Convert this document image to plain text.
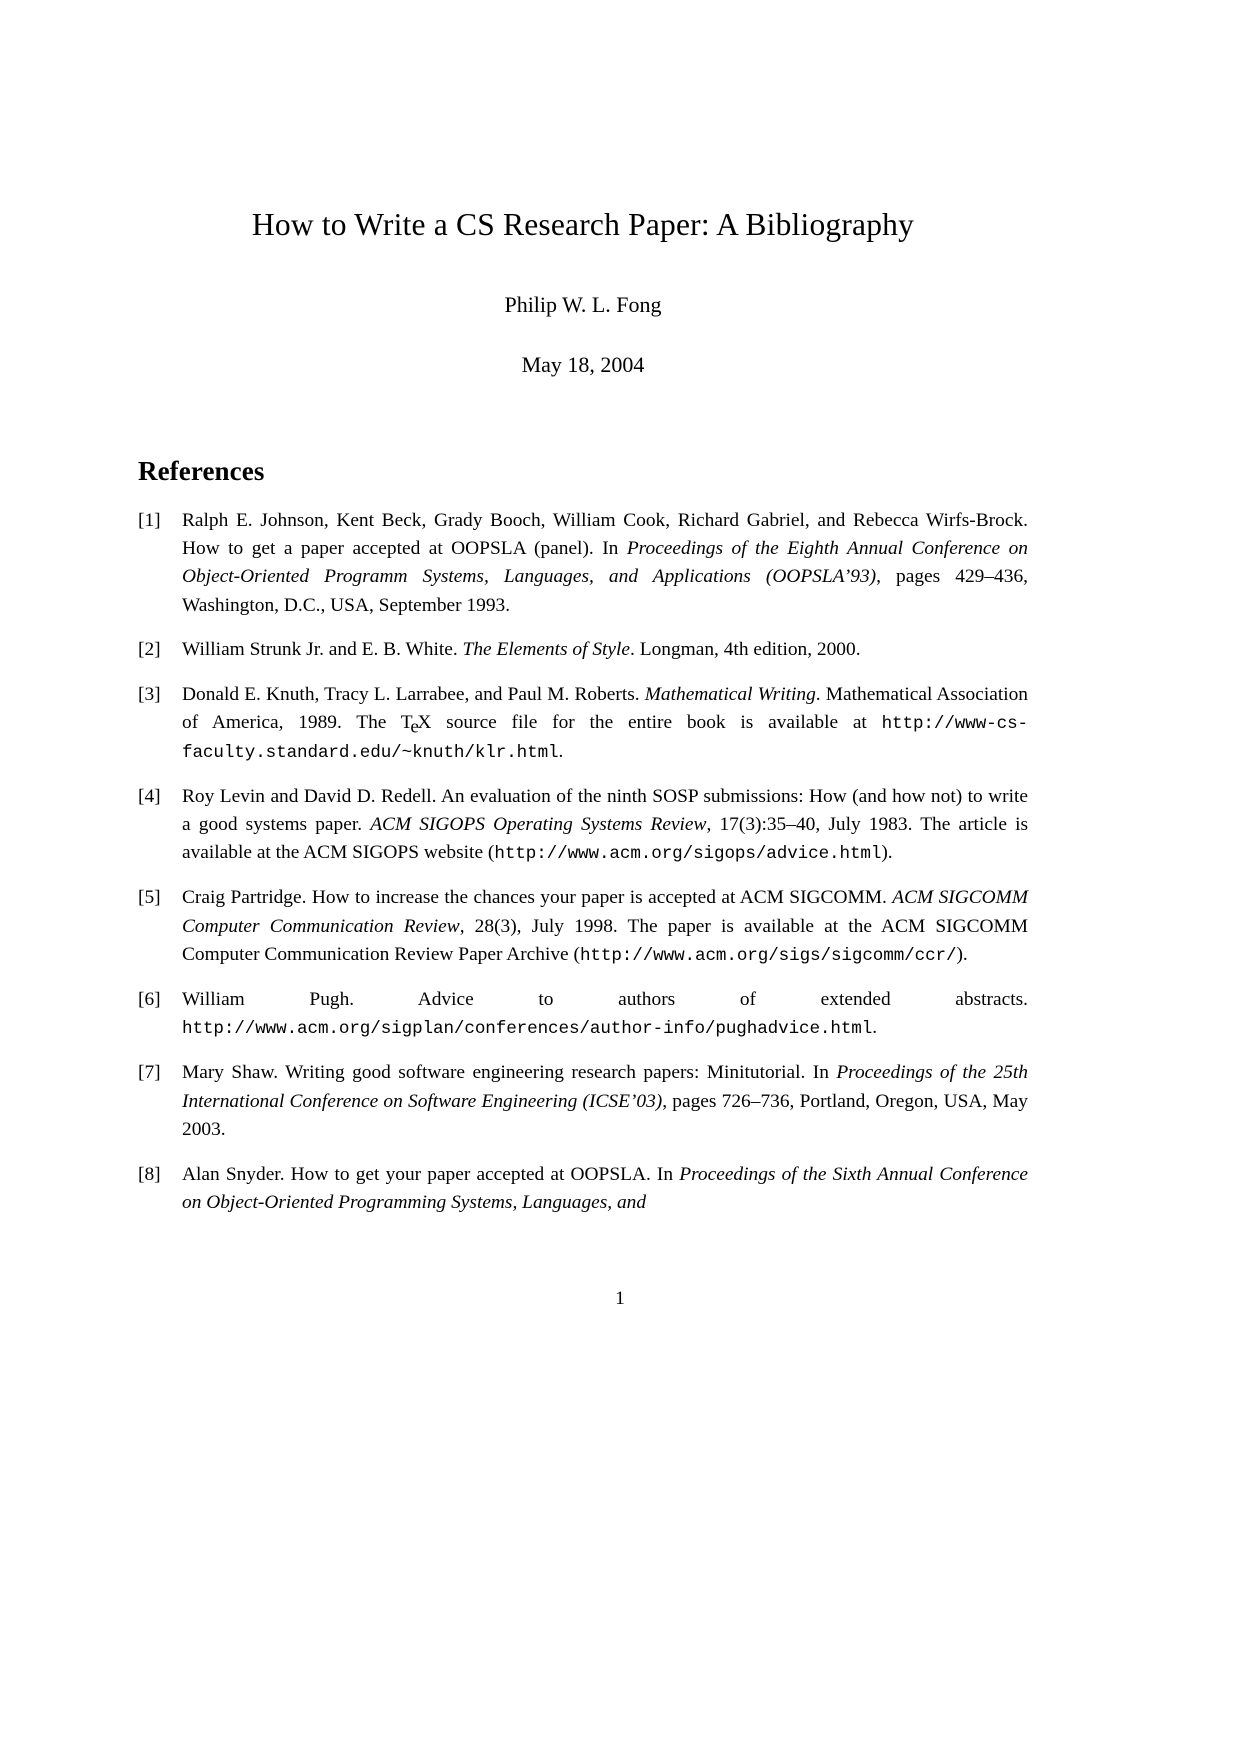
How to Write a CS Research Paper: A Bibliography
Philip W. L. Fong
May 18, 2004
References
[1]	Ralph E. Johnson, Kent Beck, Grady Booch, William Cook, Richard Gabriel, and Rebecca Wirfs-Brock. How to get a paper accepted at OOPSLA (panel). In Proceedings of the Eighth Annual Conference on Object-Oriented Programm Systems, Languages, and Applications (OOPSLA’93), pages 429–436, Washington, D.C., USA, September 1993.
[2]	William Strunk Jr. and E. B. White. The Elements of Style. Longman, 4th edition, 2000.
[3]	Donald E. Knuth, Tracy L. Larrabee, and Paul M. Roberts. Mathematical Writing. Mathematical Association of America, 1989. The TeX source file for the entire book is available at http://www-cs-faculty.standard.edu/~knuth/klr.html.
[4]	Roy Levin and David D. Redell. An evaluation of the ninth SOSP submissions: How (and how not) to write a good systems paper. ACM SIGOPS Operating Systems Review, 17(3):35–40, July 1983. The article is available at the ACM SIGOPS website (http://www.acm.org/sigops/advice.html).
[5]	Craig Partridge. How to increase the chances your paper is accepted at ACM SIGCOMM. ACM SIGCOMM Computer Communication Review, 28(3), July 1998. The paper is available at the ACM SIGCOMM Computer Communication Review Paper Archive (http://www.acm.org/sigs/sigcomm/ccr/).
[6]	William Pugh. Advice to authors of extended abstracts. http://www.acm.org/sigplan/conferences/author-info/pughadvice.html.
[7]	Mary Shaw. Writing good software engineering research papers: Minitutorial. In Proceedings of the 25th International Conference on Software Engineering (ICSE’03), pages 726–736, Portland, Oregon, USA, May 2003.
[8]	Alan Snyder. How to get your paper accepted at OOPSLA. In Proceedings of the Sixth Annual Conference on Object-Oriented Programming Systems, Languages, and
1
